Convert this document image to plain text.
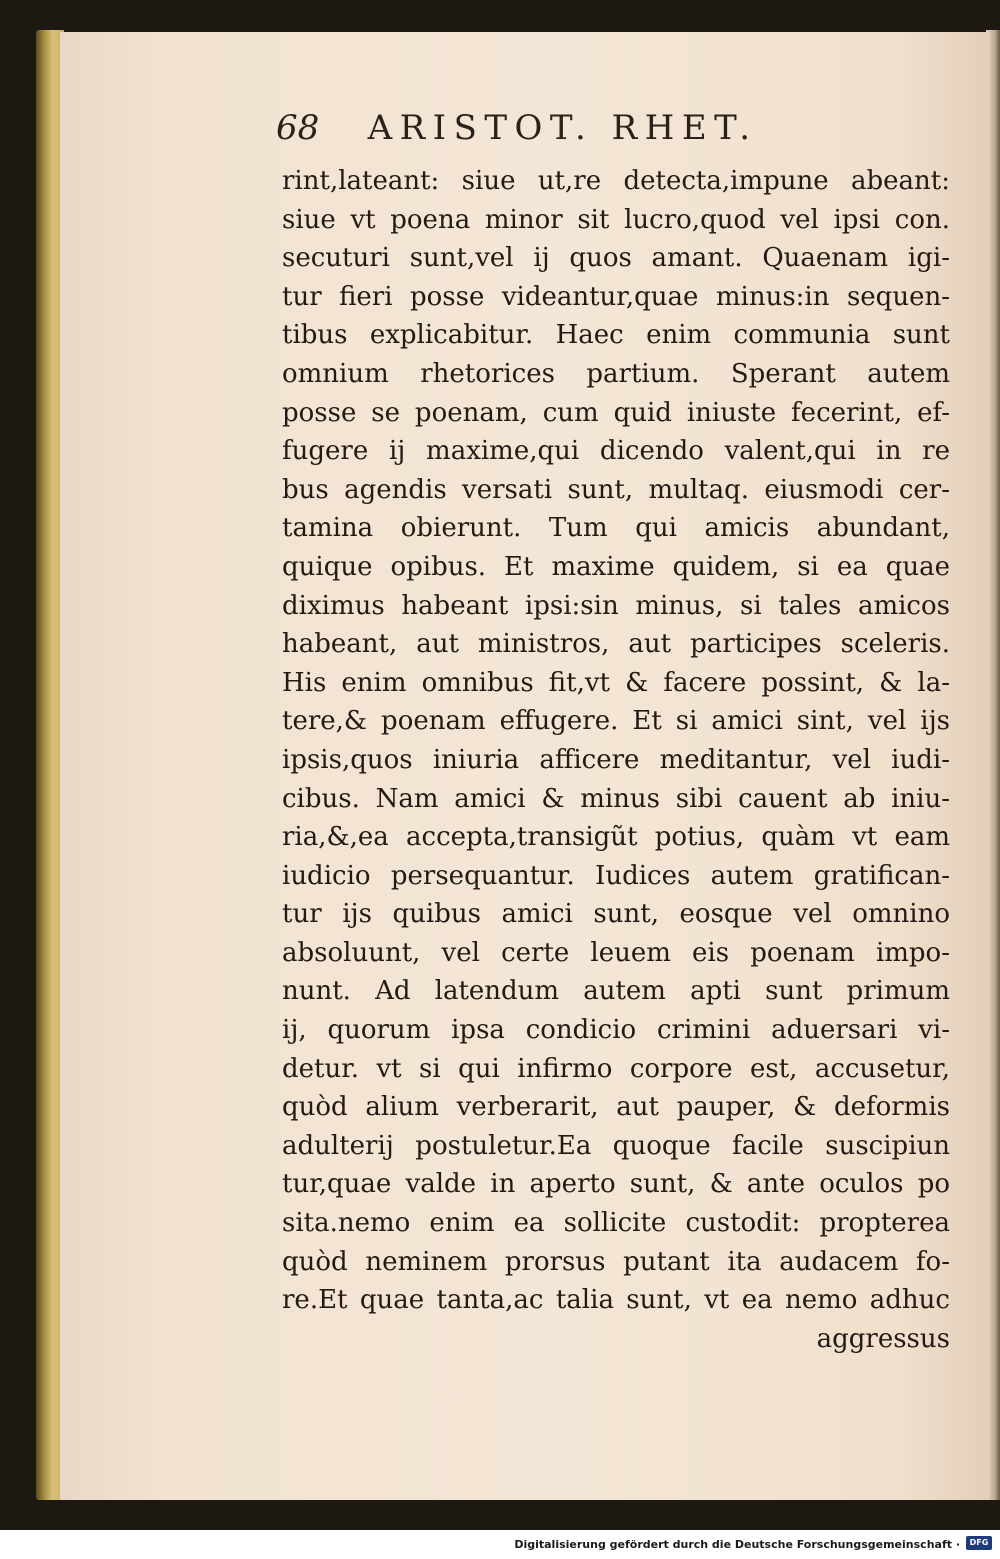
68 ARISTOT. RHET.
rint,lateant: siue ut,re detecta,impune abeant:
siue vt poena minor sit lucro,quod vel ipsi con.
secuturi sunt,vel ij quos amant. Quaenam igi-
tur fieri posse videantur,quae minus:in sequen-
tibus explicabitur. Haec enim communia sunt
omnium rhetorices partium. Sperant autem
posse se poenam, cum quid iniuste fecerint, ef-
fugere ij maxime,qui dicendo valent,qui in re
bus agendis versati sunt, multaq. eiusmodi cer-
tamina obierunt. Tum qui amicis abundant,
quique opibus. Et maxime quidem, si ea quae
diximus habeant ipsi:sin minus, si tales amicos
habeant, aut ministros, aut participes sceleris.
His enim omnibus fit,vt & facere possint, & la-
tere,& poenam effugere. Et si amici sint, vel ijs
ipsis,quos iniuria afficere meditantur, vel iudi-
cibus. Nam amici & minus sibi cauent ab iniu-
ria,&,ea accepta,transigũt potius, quàm vt eam
iudicio persequantur. Iudices autem gratifican-
tur ijs quibus amici sunt, eosque vel omnino
absoluunt, vel certe leuem eis poenam impo-
nunt. Ad latendum autem apti sunt primum
ij, quorum ipsa condicio crimini aduersari vi-
detur. vt si qui infirmo corpore est, accusetur,
quòd alium verberarit, aut pauper, & deformis
adulterij postuletur.Ea quoque facile suscipiun
tur,quae valde in aperto sunt, & ante oculos po
sita.nemo enim ea sollicite custodit: propterea
quòd neminem prorsus putant ita audacem fo-
re.Et quae tanta,ac talia sunt, vt ea nemo adhuc
aggressus
Digitalisierung gefördert durch die Deutsche Forschungsgemeinschaft ·	DFG
